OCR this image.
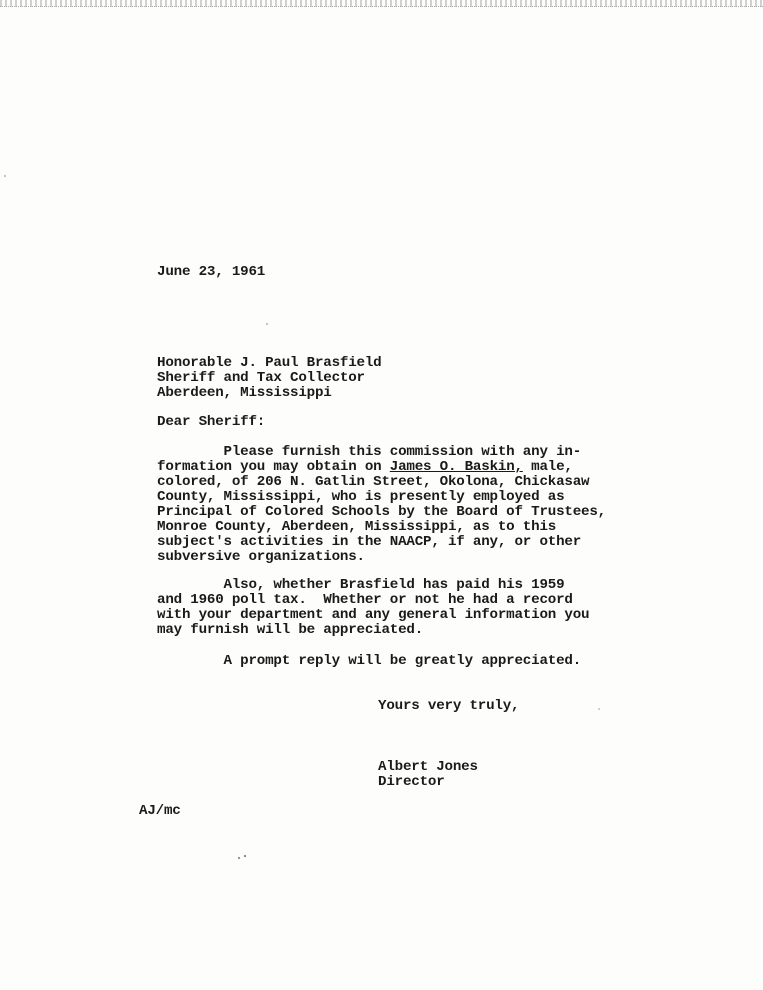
June 23, 1961
Honorable J. Paul Brasfield
Sheriff and Tax Collector
Aberdeen, Mississippi
Dear Sheriff:
Please furnish this commission with any in-
formation you may obtain on James O. Baskin, male,
colored, of 206 N. Gatlin Street, Okolona, Chickasaw
County, Mississippi, who is presently employed as
Principal of Colored Schools by the Board of Trustees,
Monroe County, Aberdeen, Mississippi, as to this
subject's activities in the NAACP, if any, or other
subversive organizations.
Also, whether Brasfield has paid his 1959
and 1960 poll tax.  Whether or not he had a record
with your department and any general information you
may furnish will be appreciated.
A prompt reply will be greatly appreciated.
Yours very truly,
Albert Jones
Director
AJ/mc
